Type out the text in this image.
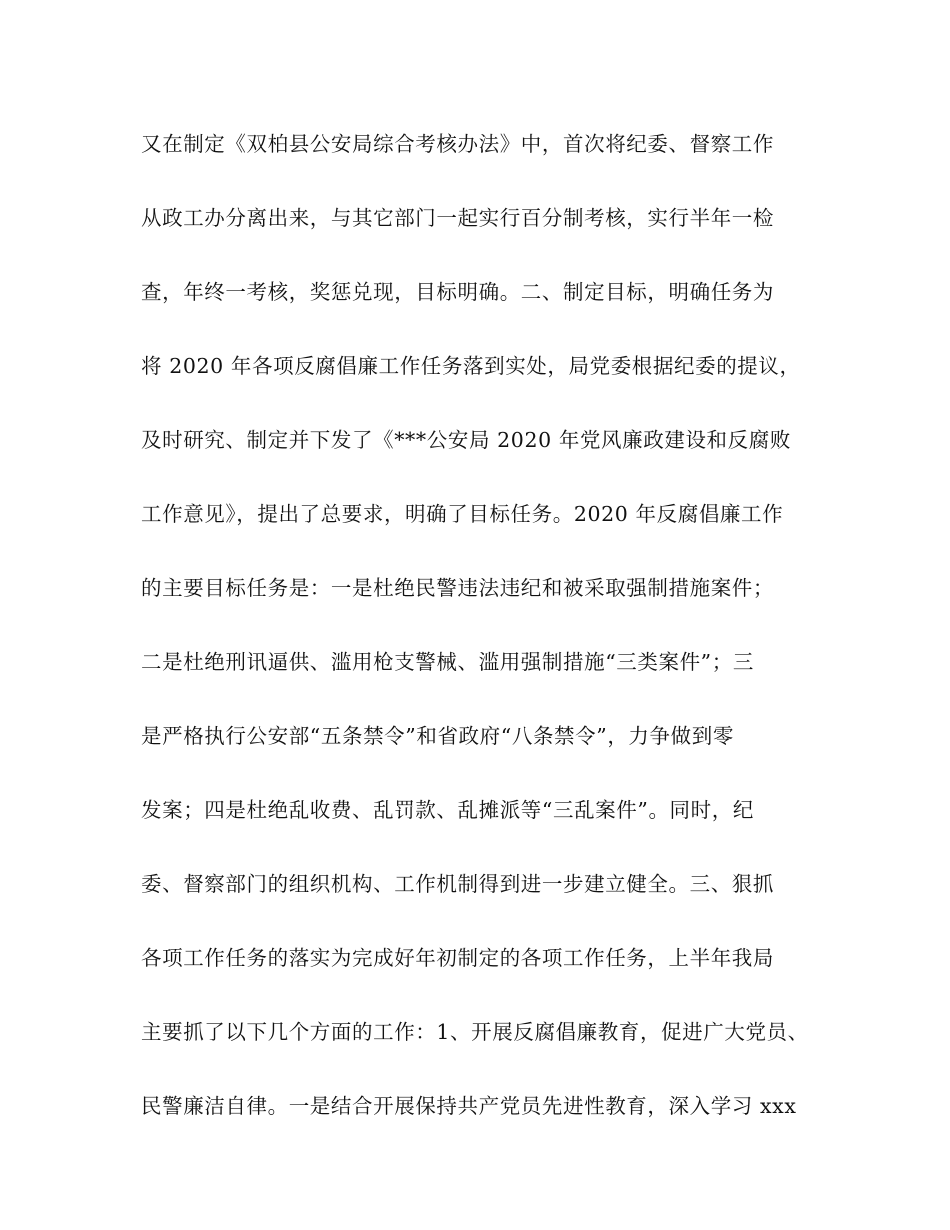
又在制定《双柏县公安局综合考核办法》中，首次将纪委、督察工作
从政工办分离出来，与其它部门一起实行百分制考核，实行半年一检
查，年终一考核，奖惩兑现，目标明确。二、制定目标，明确任务为
将 2020 年各项反腐倡廉工作任务落到实处，局党委根据纪委的提议，
及时研究、制定并下发了《***公安局 2020 年党风廉政建设和反腐败
工作意见》，提出了总要求，明确了目标任务。2020 年反腐倡廉工作
的主要目标任务是：一是杜绝民警违法违纪和被采取强制措施案件；
二是杜绝刑讯逼供、滥用枪支警械、滥用强制措施“三类案件”；三
是严格执行公安部“五条禁令”和省政府“八条禁令”，力争做到零
发案；四是杜绝乱收费、乱罚款、乱摊派等“三乱案件”。同时，纪
委、督察部门的组织机构、工作机制得到进一步建立健全。三、狠抓
各项工作任务的落实为完成好年初制定的各项工作任务，上半年我局
主要抓了以下几个方面的工作：1、开展反腐倡廉教育，促进广大党员、
民警廉洁自律。一是结合开展保持共产党员先进性教育，深入学习 xxx
